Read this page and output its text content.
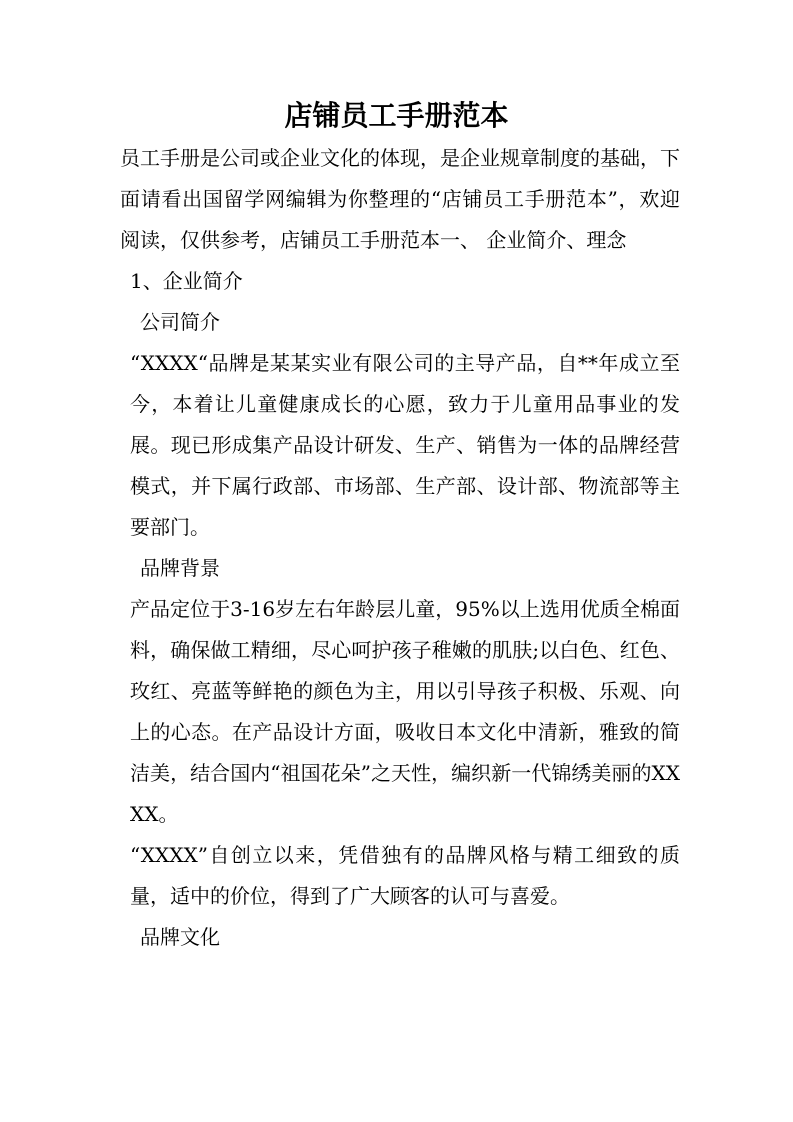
店铺员工手册范本

员工手册是公司或企业文化的体现，是企业规章制度的基础，下面请看出国留学网编辑为你整理的“店铺员工手册范本”，欢迎阅读，仅供参考，店铺员工手册范本一、 企业简介、理念

1、企业简介

公司简介

“XXXX“品牌是某某实业有限公司的主导产品，自**年成立至今，本着让儿童健康成长的心愿，致力于儿童用品事业的发展。现已形成集产品设计研发、生产、销售为一体的品牌经营模式，并下属行政部、市场部、生产部、设计部、物流部等主要部门。

品牌背景

产品定位于3-16岁左右年龄层儿童，95%以上选用优质全棉面料，确保做工精细，尽心呵护孩子稚嫩的肌肤;以白色、红色、玫红、亮蓝等鲜艳的颜色为主，用以引导孩子积极、乐观、向上的心态。在产品设计方面，吸收日本文化中清新，雅致的简洁美，结合国内“祖国花朵”之天性，编织新一代锦绣美丽的XXXX。

“XXXX”自创立以来，凭借独有的品牌风格与精工细致的质量，适中的价位，得到了广大顾客的认可与喜爱。

品牌文化
